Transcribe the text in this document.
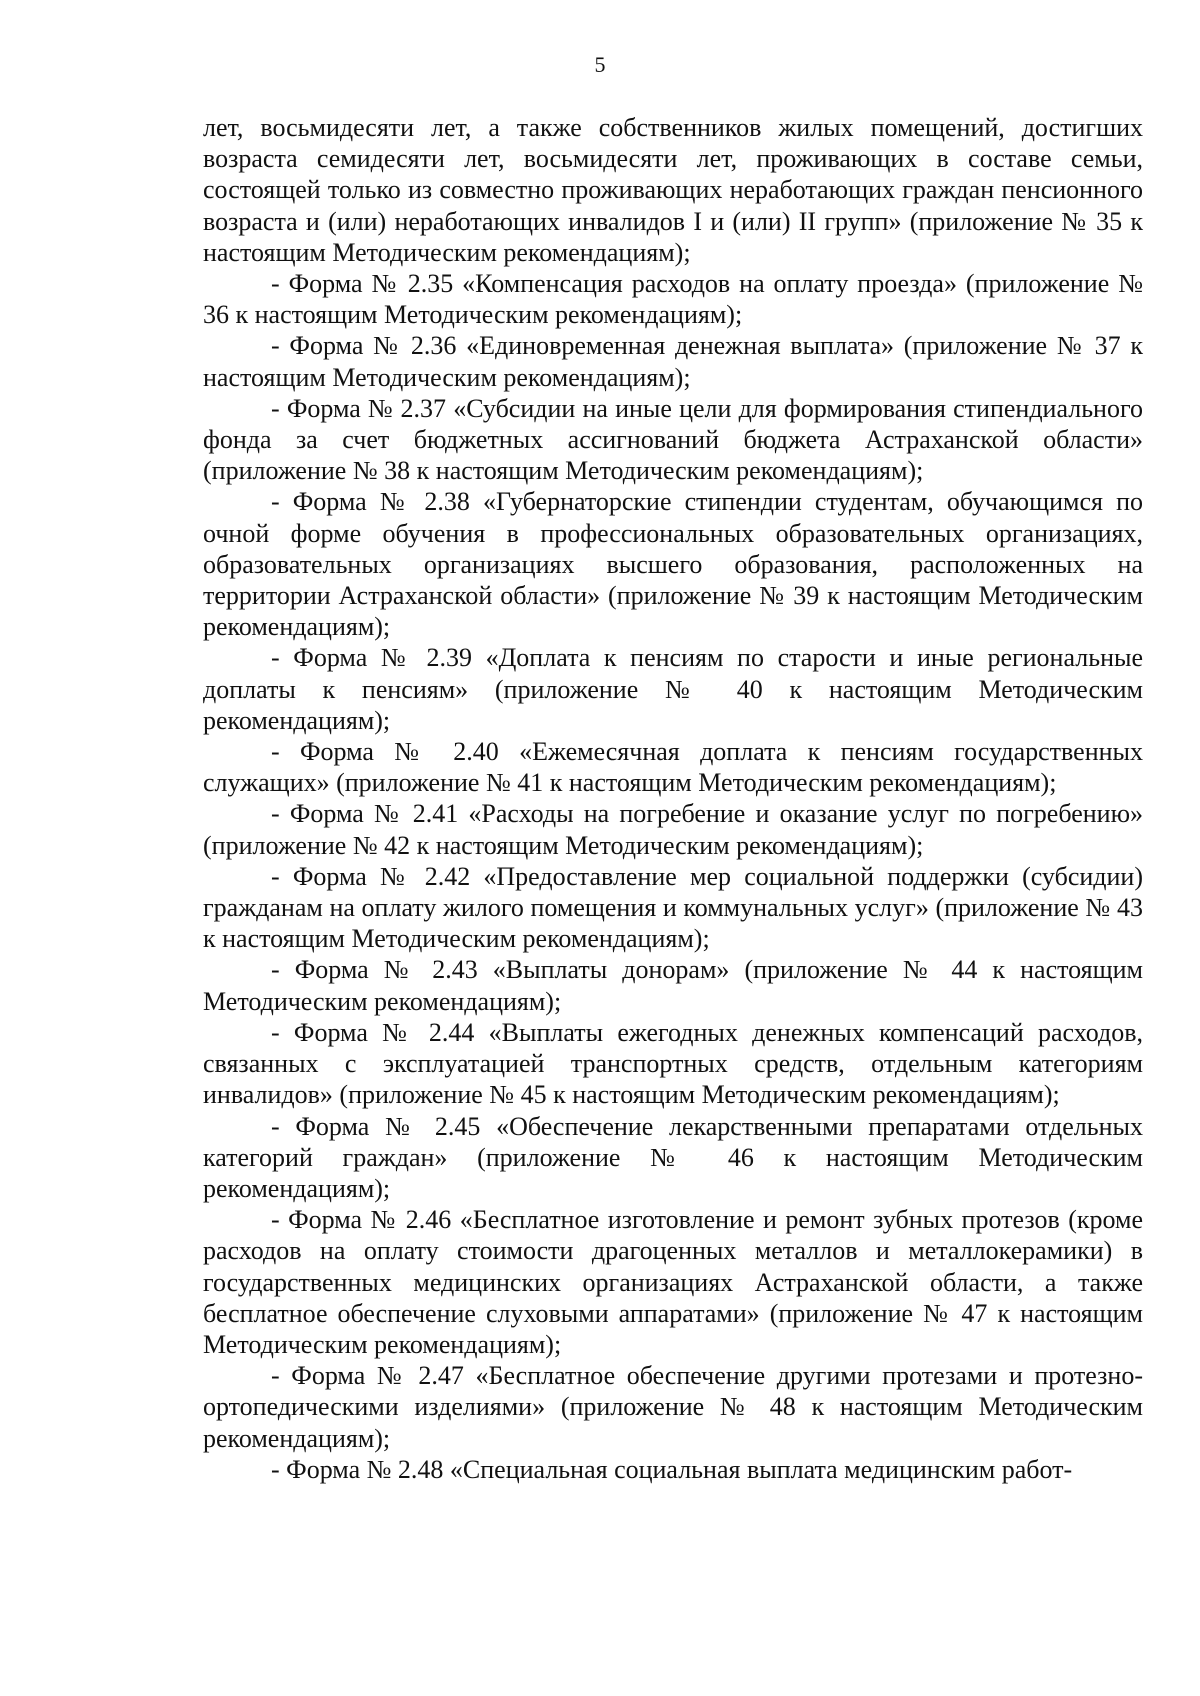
5

лет, восьмидесяти лет, а также собственников жилых помещений, достигших возраста семидесяти лет, восьмидесяти лет, проживающих в составе семьи, состоящей только из совместно проживающих неработающих граждан пенсионного возраста и (или) неработающих инвалидов I и (или) II групп» (приложение № 35 к настоящим Методическим рекомендациям);

- Форма № 2.35 «Компенсация расходов на оплату проезда» (приложение № 36 к настоящим Методическим рекомендациям);

- Форма № 2.36 «Единовременная денежная выплата» (приложение № 37 к настоящим Методическим рекомендациям);

- Форма № 2.37 «Субсидии на иные цели для формирования стипендиального фонда за счет бюджетных ассигнований бюджета Астраханской области» (приложение № 38 к настоящим Методическим рекомендациям);

- Форма № 2.38 «Губернаторские стипендии студентам, обучающимся по очной форме обучения в профессиональных образовательных организациях, образовательных организациях высшего образования, расположенных на территории Астраханской области» (приложение № 39 к настоящим Методическим рекомендациям);

- Форма № 2.39 «Доплата к пенсиям по старости и иные региональные доплаты к пенсиям» (приложение № 40 к настоящим Методическим рекомендациям);

- Форма № 2.40 «Ежемесячная доплата к пенсиям государственных служащих» (приложение № 41 к настоящим Методическим рекомендациям);

- Форма № 2.41 «Расходы на погребение и оказание услуг по погребению» (приложение № 42 к настоящим Методическим рекомендациям);

- Форма № 2.42 «Предоставление мер социальной поддержки (субсидии) гражданам на оплату жилого помещения и коммунальных услуг» (приложение № 43 к настоящим Методическим рекомендациям);

- Форма № 2.43 «Выплаты донорам» (приложение № 44 к настоящим Методическим рекомендациям);

- Форма № 2.44 «Выплаты ежегодных денежных компенсаций расходов, связанных с эксплуатацией транспортных средств, отдельным категориям инвалидов» (приложение № 45 к настоящим Методическим рекомендациям);

- Форма № 2.45 «Обеспечение лекарственными препаратами отдельных категорий граждан» (приложение № 46 к настоящим Методическим рекомендациям);

- Форма № 2.46 «Бесплатное изготовление и ремонт зубных протезов (кроме расходов на оплату стоимости драгоценных металлов и металлокерамики) в государственных медицинских организациях Астраханской области, а также бесплатное обеспечение слуховыми аппаратами» (приложение № 47 к настоящим Методическим рекомендациям);

- Форма № 2.47 «Бесплатное обеспечение другими протезами и протезно-ортопедическими изделиями» (приложение № 48 к настоящим Методическим рекомендациям);

- Форма № 2.48 «Специальная социальная выплата медицинским работ-
